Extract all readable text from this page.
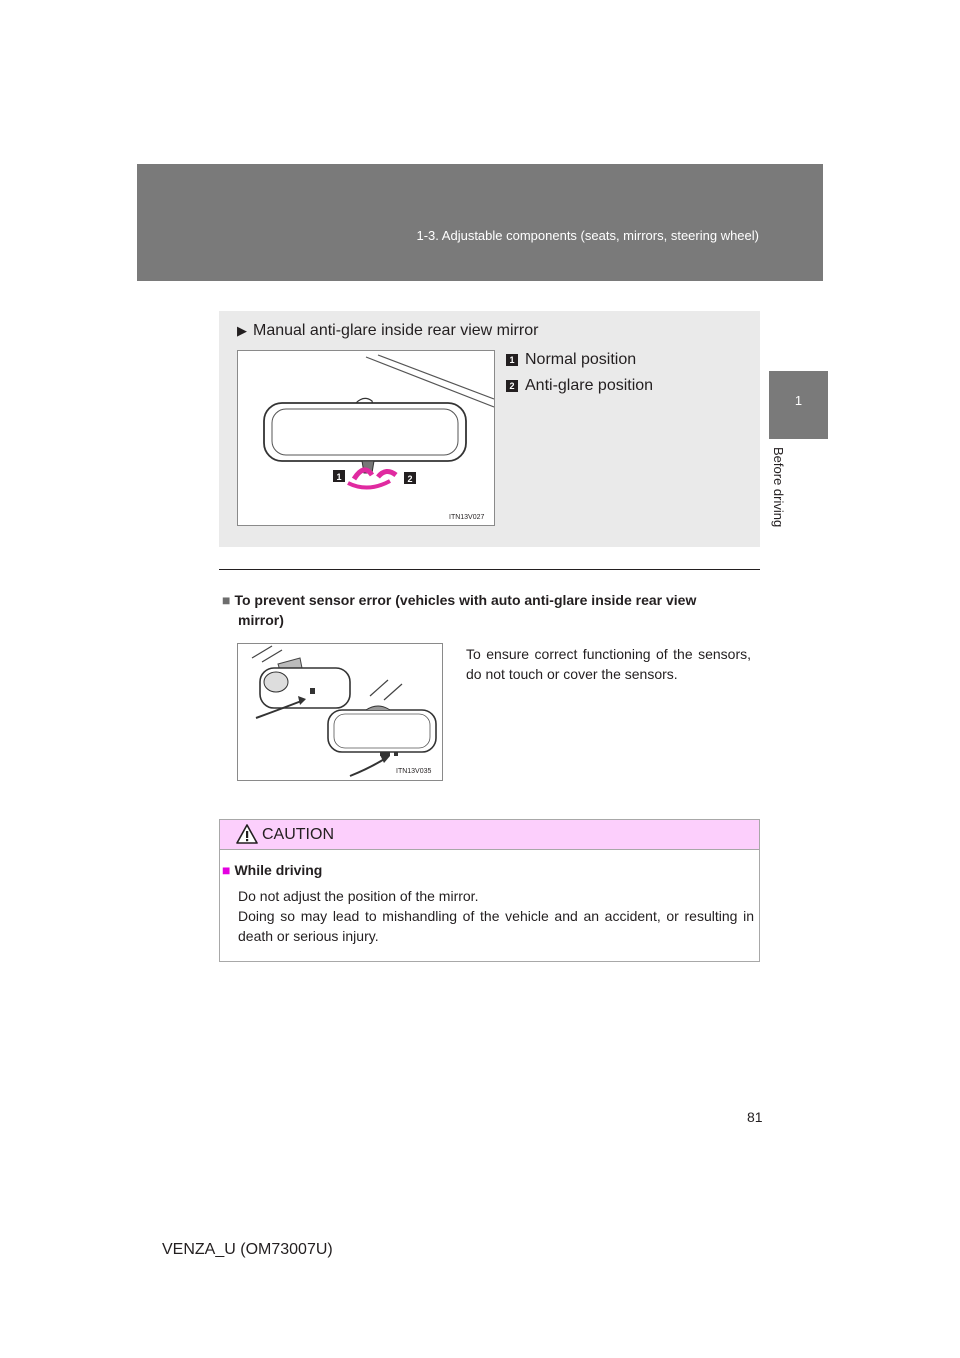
1-3. Adjustable components (seats, mirrors, steering wheel)
1
Before driving
▶ Manual anti-glare inside rear view mirror
1	2
ITN13V027
1 Normal position
2 Anti-glare position
■ To prevent sensor error (vehicles with auto anti-glare inside rear view
mirror)
ITN13V035
To ensure correct functioning of the sensors, do not touch or cover the sensors.
CAUTION
■ While driving

Do not adjust the position of the mirror.

Doing so may lead to mishandling of the vehicle and an accident, or resulting in death or serious injury.

81
VENZA_U (OM73007U)
